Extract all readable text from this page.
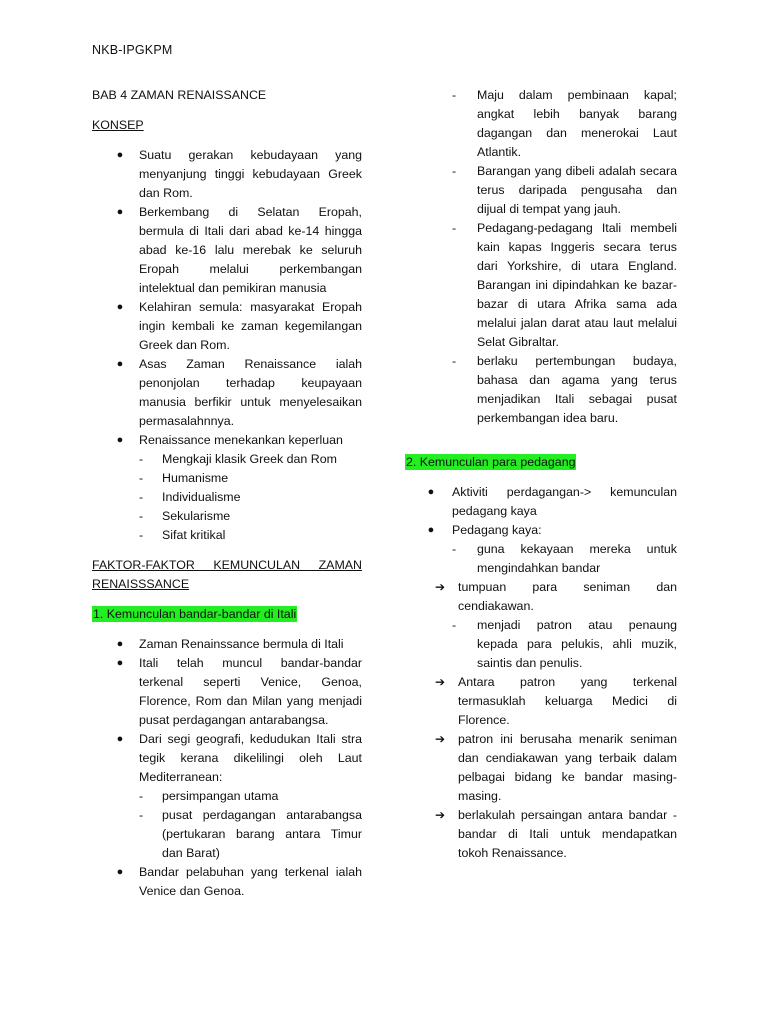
NKB-IPGKPM

BAB 4 ZAMAN RENAISSANCE

KONSEP

● Suatu gerakan kebudayaan yang menyanjung tinggi kebudayaan Greek dan Rom.
● Berkembang di Selatan Eropah, bermula di Itali dari abad ke-14 hingga abad ke-16 lalu merebak ke seluruh Eropah melalui perkembangan intelektual dan pemikiran manusia
● Kelahiran semula: masyarakat Eropah ingin kembali ke zaman kegemilangan Greek dan Rom.
● Asas Zaman Renaissance ialah penonjolan terhadap keupayaan manusia berfikir untuk menyelesaikan permasalahnnya.
● Renaissance menekankan keperluan
- Mengkaji klasik Greek dan Rom
- Humanisme
- Individualisme
- Sekularisme
- Sifat kritikal

FAKTOR-FAKTOR KEMUNCULAN ZAMAN RENAISSSANCE

1. Kemunculan bandar-bandar di Itali

● Zaman Renainssance bermula di Itali
● Itali telah muncul bandar-bandar terkenal seperti Venice, Genoa, Florence, Rom dan Milan yang menjadi pusat perdagangan antarabangsa.
● Dari segi geografi, kedudukan Itali stra tegik kerana dikelilingi oleh Laut Mediterranean:
- persimpangan utama
- pusat perdagangan antarabangsa (pertukaran barang antara Timur dan Barat)
● Bandar pelabuhan yang terkenal ialah Venice dan Genoa.
- Maju dalam pembinaan kapal; angkat lebih banyak barang dagangan dan menerokai Laut Atlantik.
- Barangan yang dibeli adalah secara terus daripada pengusaha dan dijual di tempat yang jauh.
- Pedagang-pedagang Itali membeli kain kapas Inggeris secara terus dari Yorkshire, di utara England. Barangan ini dipindahkan ke bazar-bazar di utara Afrika sama ada melalui jalan darat atau laut melalui Selat Gibraltar.
- berlaku pertembungan budaya, bahasa dan agama yang terus menjadikan Itali sebagai pusat perkembangan idea baru.

2. Kemunculan para pedagang

● Aktiviti perdagangan-> kemunculan pedagang kaya
● Pedagang kaya:
- guna kekayaan mereka untuk mengindahkan bandar
➔ tumpuan para seniman dan cendiakawan.
- menjadi patron atau penaung kepada para pelukis, ahli muzik, saintis dan penulis.
➔ Antara patron yang terkenal termasuklah keluarga Medici di Florence.
➔ patron ini berusaha menarik seniman dan cendiakawan yang terbaik dalam pelbagai bidang ke bandar masing-masing.
➔ berlakulah persaingan antara bandar - bandar di Itali untuk mendapatkan tokoh Renaissance.
